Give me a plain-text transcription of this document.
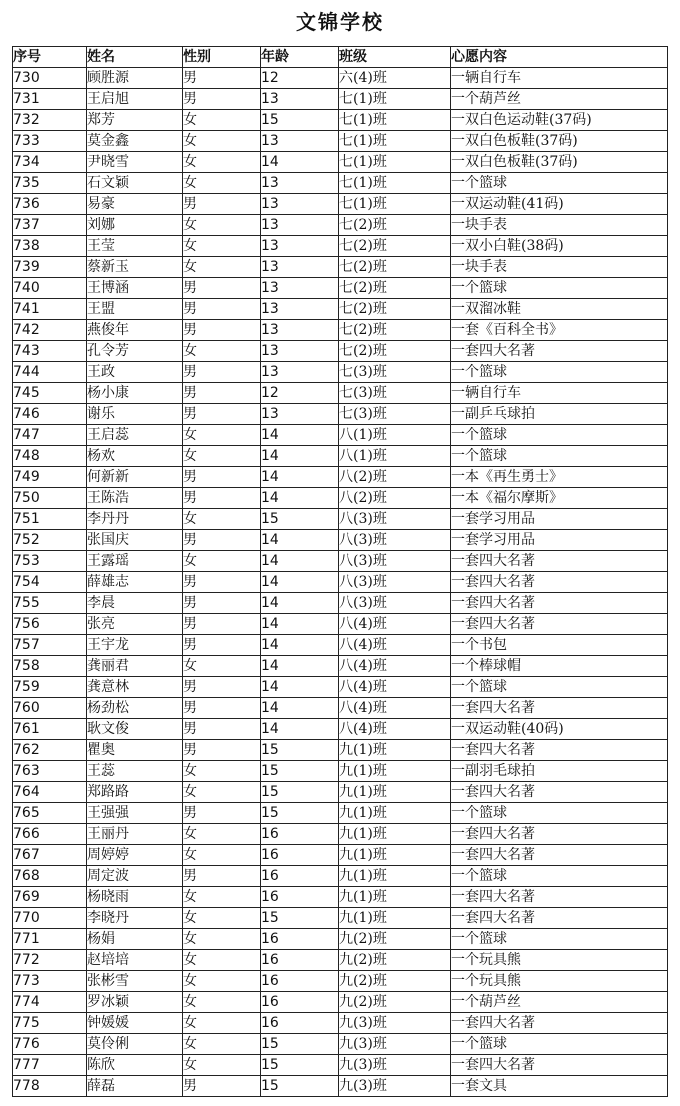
文锦学校
序号	姓名	性别	年龄	班级	心愿内容
730	顾胜源	男	12	六(4)班	一辆自行车
731	王启旭	男	13	七(1)班	一个葫芦丝
732	郑芳	女	15	七(1)班	一双白色运动鞋(37码)
733	莫金鑫	女	13	七(1)班	一双白色板鞋(37码)
734	尹晓雪	女	14	七(1)班	一双白色板鞋(37码)
735	石文颖	女	13	七(1)班	一个篮球
736	易豪	男	13	七(1)班	一双运动鞋(41码)
737	刘娜	女	13	七(2)班	一块手表
738	王莹	女	13	七(2)班	一双小白鞋(38码)
739	蔡新玉	女	13	七(2)班	一块手表
740	王博涵	男	13	七(2)班	一个篮球
741	王盟	男	13	七(2)班	一双溜冰鞋
742	燕俊年	男	13	七(2)班	一套《百科全书》
743	孔令芳	女	13	七(2)班	一套四大名著
744	王政	男	13	七(3)班	一个篮球
745	杨小康	男	12	七(3)班	一辆自行车
746	谢乐	男	13	七(3)班	一副乒乓球拍
747	王启蕊	女	14	八(1)班	一个篮球
748	杨欢	女	14	八(1)班	一个篮球
749	何新新	男	14	八(2)班	一本《再生勇士》
750	王陈浩	男	14	八(2)班	一本《福尔摩斯》
751	李丹丹	女	15	八(3)班	一套学习用品
752	张国庆	男	14	八(3)班	一套学习用品
753	王露瑶	女	14	八(3)班	一套四大名著
754	薛雄志	男	14	八(3)班	一套四大名著
755	李晨	男	14	八(3)班	一套四大名著
756	张亮	男	14	八(4)班	一套四大名著
757	王宇龙	男	14	八(4)班	一个书包
758	龚丽君	女	14	八(4)班	一个棒球帽
759	龚意林	男	14	八(4)班	一个篮球
760	杨劲松	男	14	八(4)班	一套四大名著
761	耿文俊	男	14	八(4)班	一双运动鞋(40码)
762	瞿奥	男	15	九(1)班	一套四大名著
763	王蕊	女	15	九(1)班	一副羽毛球拍
764	郑路路	女	15	九(1)班	一套四大名著
765	王强强	男	15	九(1)班	一个篮球
766	王丽丹	女	16	九(1)班	一套四大名著
767	周婷婷	女	16	九(1)班	一套四大名著
768	周定波	男	16	九(1)班	一个篮球
769	杨晓雨	女	16	九(1)班	一套四大名著
770	李晓丹	女	15	九(1)班	一套四大名著
771	杨娟	女	16	九(2)班	一个篮球
772	赵培培	女	16	九(2)班	一个玩具熊
773	张彬雪	女	16	九(2)班	一个玩具熊
774	罗冰颖	女	16	九(2)班	一个葫芦丝
775	钟媛媛	女	16	九(3)班	一套四大名著
776	莫伶俐	女	15	九(3)班	一个篮球
777	陈欣	女	15	九(3)班	一套四大名著
778	薛磊	男	15	九(3)班	一套文具
